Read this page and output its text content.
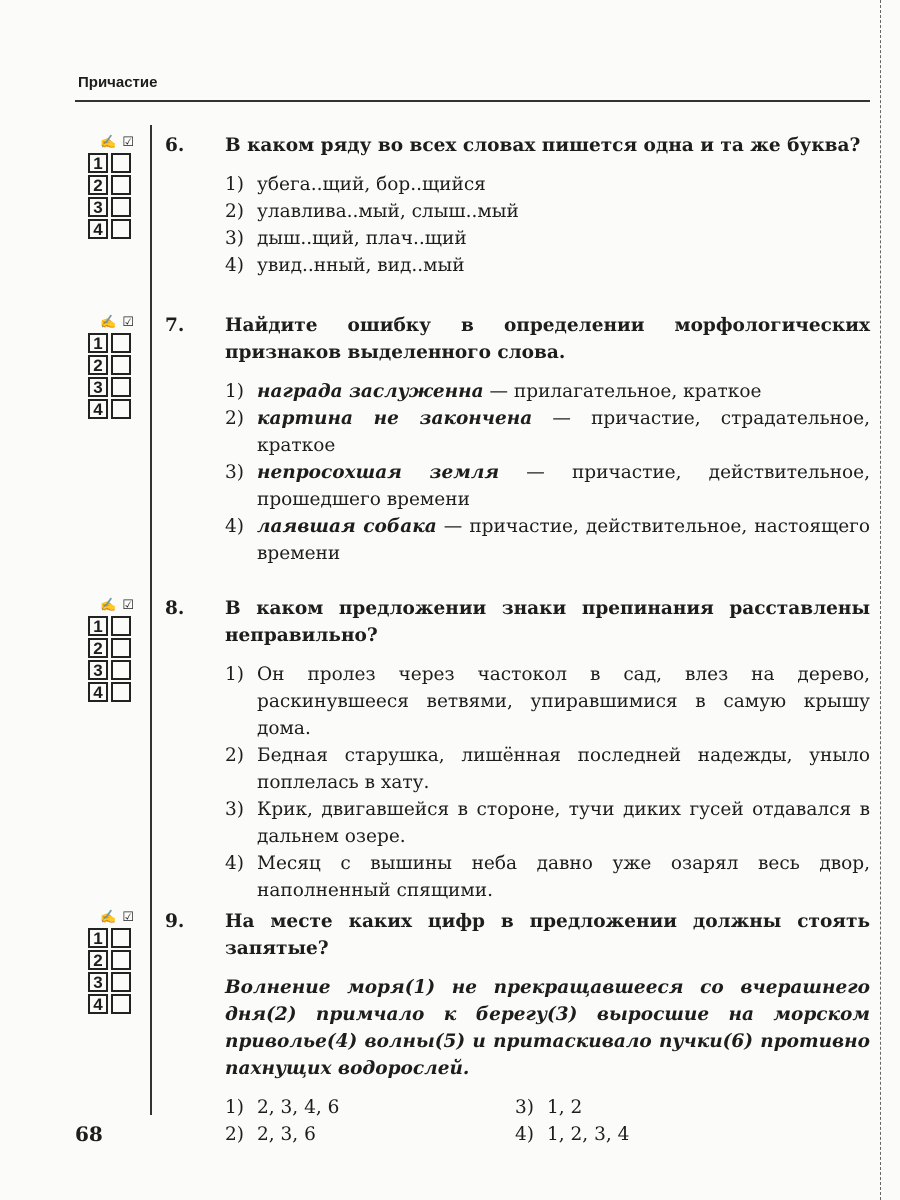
Причастие
✍ ☑
1
2
3
4
6. В каком ряду во всех словах пишется одна и та же буква?
1) убега..щий, бор..щийся
2) улавлива..мый, слыш..мый
3) дыш..щий, плач..щий
4) увид..нный, вид..мый
✍ ☑
1
2
3
4
7. Найдите ошибку в определении морфологических признаков выделенного слова.
1) награда заслуженна — прилагательное, краткое
2) картина не закончена — причастие, страдательное, краткое
3) непросохшая земля — причастие, действительное, прошедшего времени
4) лаявшая собака — причастие, действительное, настоящего времени
✍ ☑
1
2
3
4
8. В каком предложении знаки препинания расставлены неправильно?
1) Он пролез через частокол в сад, влез на дерево, раскинувшееся ветвями, упиравшимися в самую крышу дома.
2) Бедная старушка, лишённая последней надежды, уныло поплелась в хату.
3) Крик, двигавшейся в стороне, тучи диких гусей отдавался в дальнем озере.
4) Месяц с вышины неба давно уже озарял весь двор, наполненный спящими.
✍ ☑
1
2
3
4
9. На месте каких цифр в предложении должны стоять запятые?
Волнение моря(1) не прекращавшееся со вчерашнего дня(2) примчало к берегу(3) выросшие на морском приволье(4) волны(5) и притаскивало пучки(6) противно пахнущих водорослей.
1) 2, 3, 4, 6	3) 1, 2
2) 2, 3, 6	4) 1, 2, 3, 4
68
